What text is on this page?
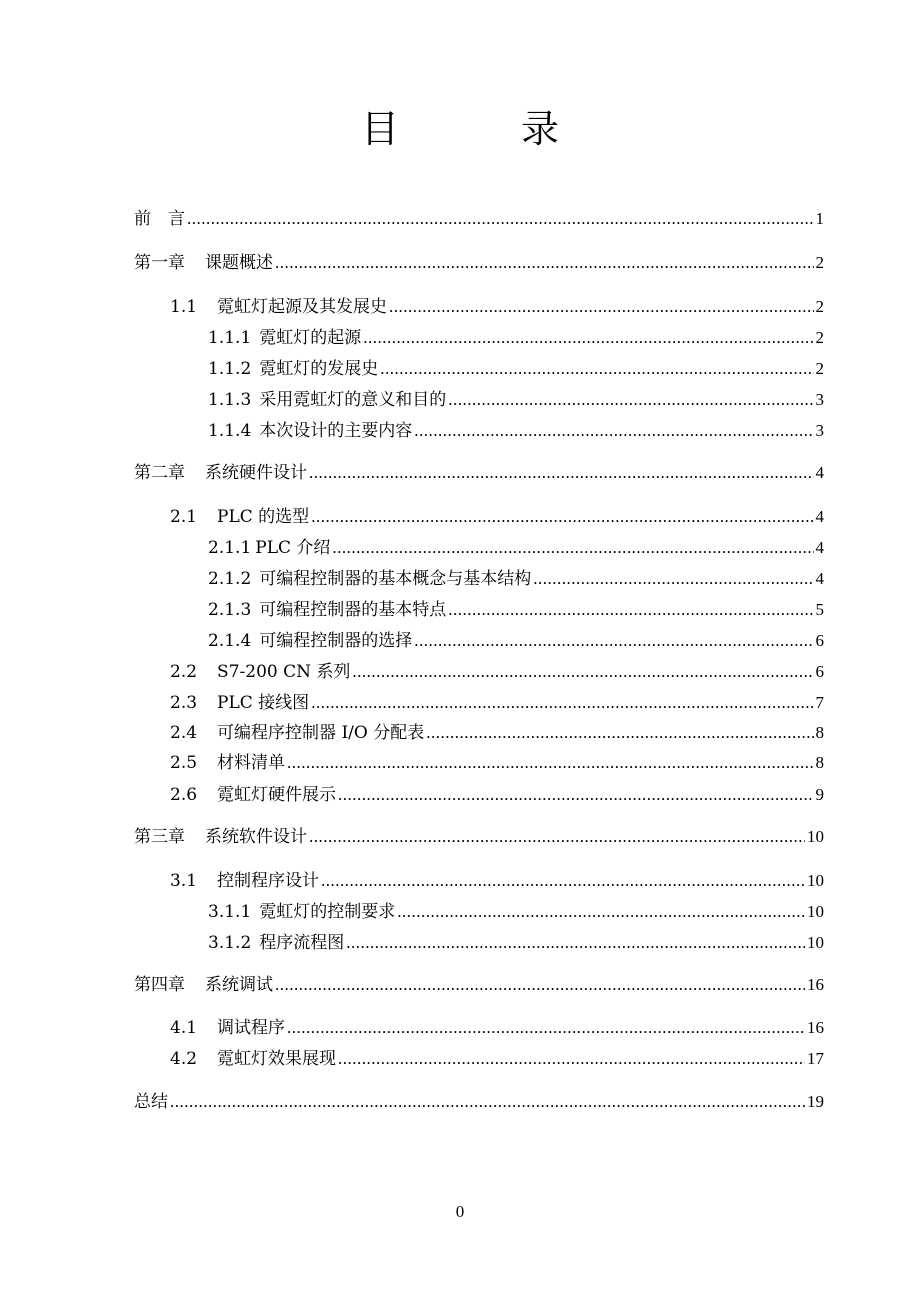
目　录
前　言 .....	1
第一章 课题概述 .....	2
1.1 霓虹灯起源及其发展史 .....	2
1.1.1 霓虹灯的起源 .....	2
1.1.2 霓虹灯的发展史 .....	2
1.1.3 采用霓虹灯的意义和目的 .....	3
1.1.4 本次设计的主要内容 .....	3
第二章 系统硬件设计 .....	4
2.1 PLC 的选型 .....	4
2.1.1 PLC 介绍 .....	4
2.1.2 可编程控制器的基本概念与基本结构 .....	4
2.1.3 可编程控制器的基本特点 .....	5
2.1.4 可编程控制器的选择 .....	6
2.2 S7-200 CN 系列 .....	6
2.3 PLC 接线图 .....	7
2.4 可编程序控制器 I/O 分配表 .....	8
2.5 材料清单 .....	8
2.6 霓虹灯硬件展示 .....	9
第三章 系统软件设计 .....	10
3.1 控制程序设计 .....	10
3.1.1 霓虹灯的控制要求 .....	10
3.1.2 程序流程图 .....	10
第四章 系统调试 .....	16
4.1 调试程序 .....	16
4.2 霓虹灯效果展现 .....	17
总结 .....	19
0
